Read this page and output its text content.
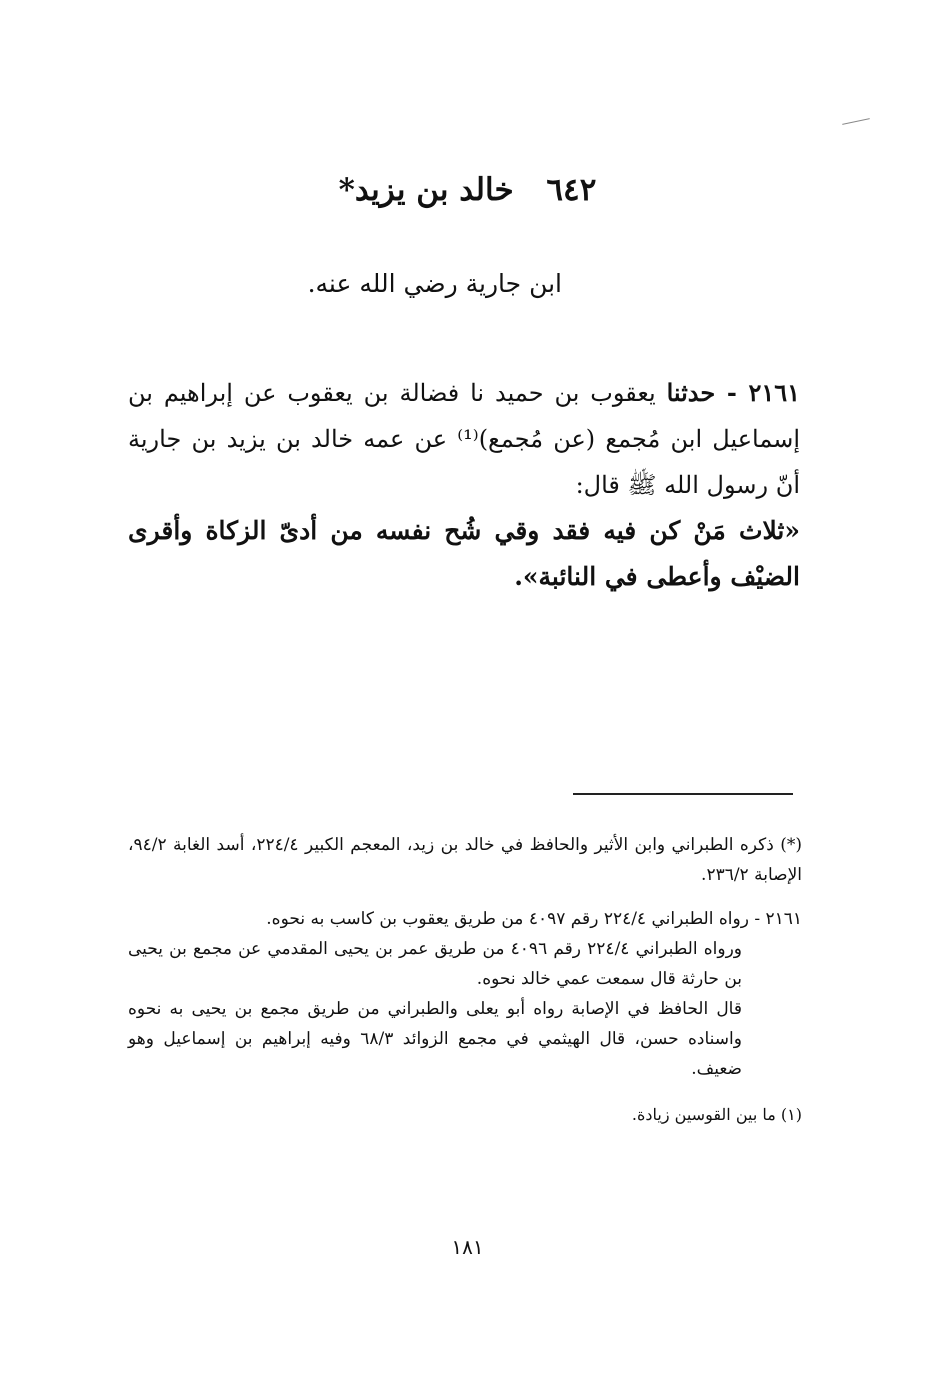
٦٤٢ خالد بن يزيد*
ابن جارية رضي الله عنه.

٢١٦١ - حدثنا يعقوب بن حميد نا فضالة بن يعقوب عن إبراهيم بن إسماعيل ابن مُجمع (عن مُجمع)⁽¹⁾ عن عمه خالد بن يزيد بن جارية أنّ رسول الله ﷺ قال:

«ثلاث مَنْ كن فيه فقد وقي شُح نفسه من أدىّ الزكاة وأقرى الضيْف وأعطى في النائبة».

(*) ذكره الطبراني وابن الأثير والحافظ في خالد بن زيد، المعجم الكبير ٢٢٤/٤، أسد الغابة ٩٤/٢، الإصابة ٢٣٦/٢.

٢١٦١ - رواه الطبراني ٢٢٤/٤ رقم ٤٠٩٧ من طريق يعقوب بن كاسب به نحوه.

ورواه الطبراني ٢٢٤/٤ رقم ٤٠٩٦ من طريق عمر بن يحيى المقدمي عن مجمع بن يحيى بن حارثة قال سمعت عمي خالد نحوه.

قال الحافظ في الإصابة رواه أبو يعلى والطبراني من طريق مجمع بن يحيى به نحوه واسناده حسن، قال الهيثمي في مجمع الزوائد ٦٨/٣ وفيه إبراهيم بن إسماعيل وهو ضعيف.

(١) ما بين القوسين زيادة.

١٨١
